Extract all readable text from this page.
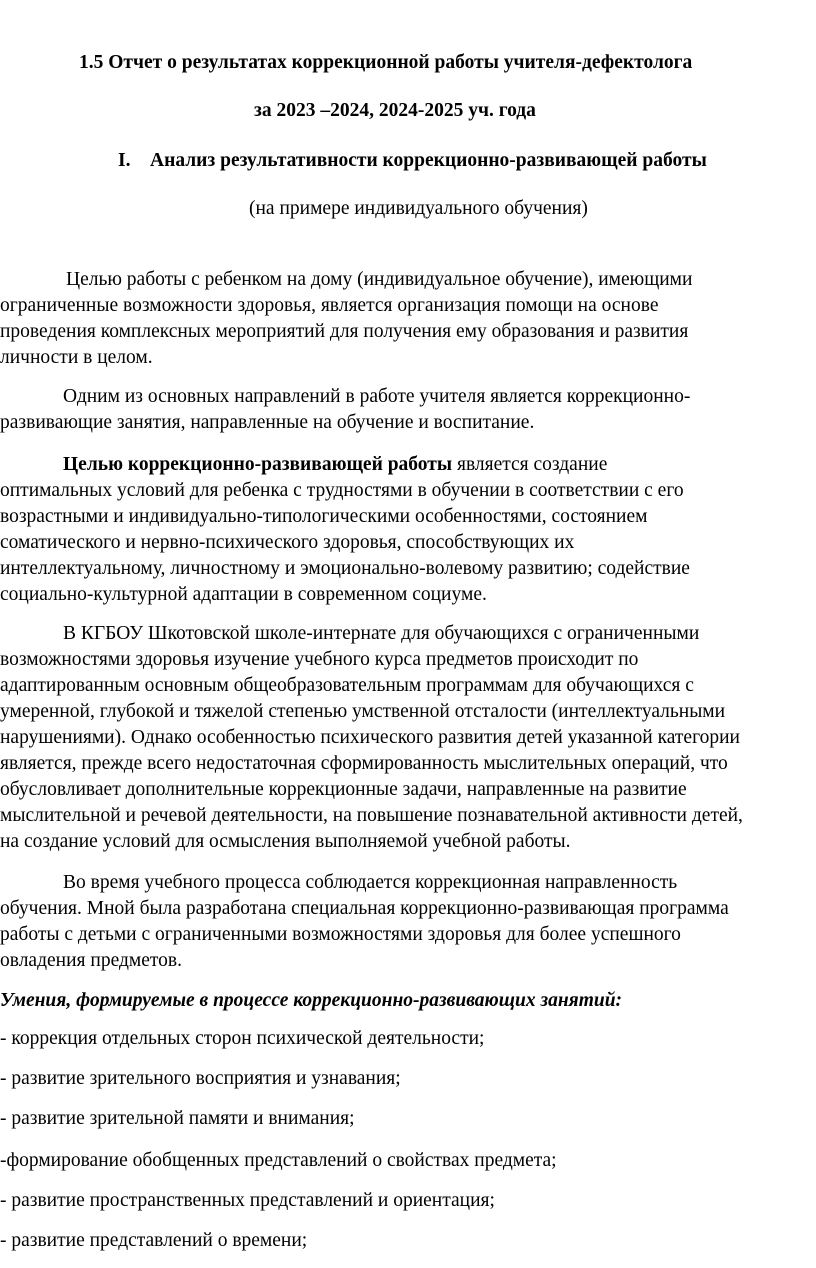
1.5 Отчет о результатах коррекционной работы учителя-дефектолога
за 2023 –2024, 2024-2025 уч. года
I. Анализ результативности коррекционно-развивающей работы
(на примере индивидуального обучения)
Целью работы с ребенком на дому (индивидуальное обучение), имеющими
ограниченные возможности здоровья, является организация помощи на основе
проведения комплексных мероприятий для получения ему образования и развития
личности в целом.
Одним из основных направлений в работе учителя является коррекционно-
развивающие занятия, направленные на обучение и воспитание.
Целью коррекционно-развивающей работы является создание
оптимальных условий для ребенка с трудностями в обучении в соответствии с его
возрастными и индивидуально-типологическими особенностями, состоянием
соматического и нервно-психического здоровья, способствующих их
интеллектуальному, личностному и эмоционально-волевому развитию; содействие
социально-культурной адаптации в современном социуме.
В КГБОУ Шкотовской школе-интернате для обучающихся с ограниченными
возможностями здоровья изучение учебного курса предметов происходит по
адаптированным основным общеобразовательным программам для обучающихся с
умеренной, глубокой и тяжелой степенью умственной отсталости (интеллектуальными
нарушениями). Однако особенностью психического развития детей указанной категории
является, прежде всего недостаточная сформированность мыслительных операций, что
обусловливает дополнительные коррекционные задачи, направленные на развитие
мыслительной и речевой деятельности, на повышение познавательной активности детей,
на создание условий для осмысления выполняемой учебной работы.
Во время учебного процесса соблюдается коррекционная направленность
обучения. Мной была разработана специальная коррекционно-развивающая программа
работы с детьми с ограниченными возможностями здоровья для более успешного
овладения предметов.
Умения, формируемые в процессе коррекционно-развивающих занятий:
- коррекция отдельных сторон психической деятельности;
- развитие зрительного восприятия и узнавания;
- развитие зрительной памяти и внимания;
-формирование обобщенных представлений о свойствах предмета;
- развитие пространственных представлений и ориентация;
- развитие представлений о времени;
